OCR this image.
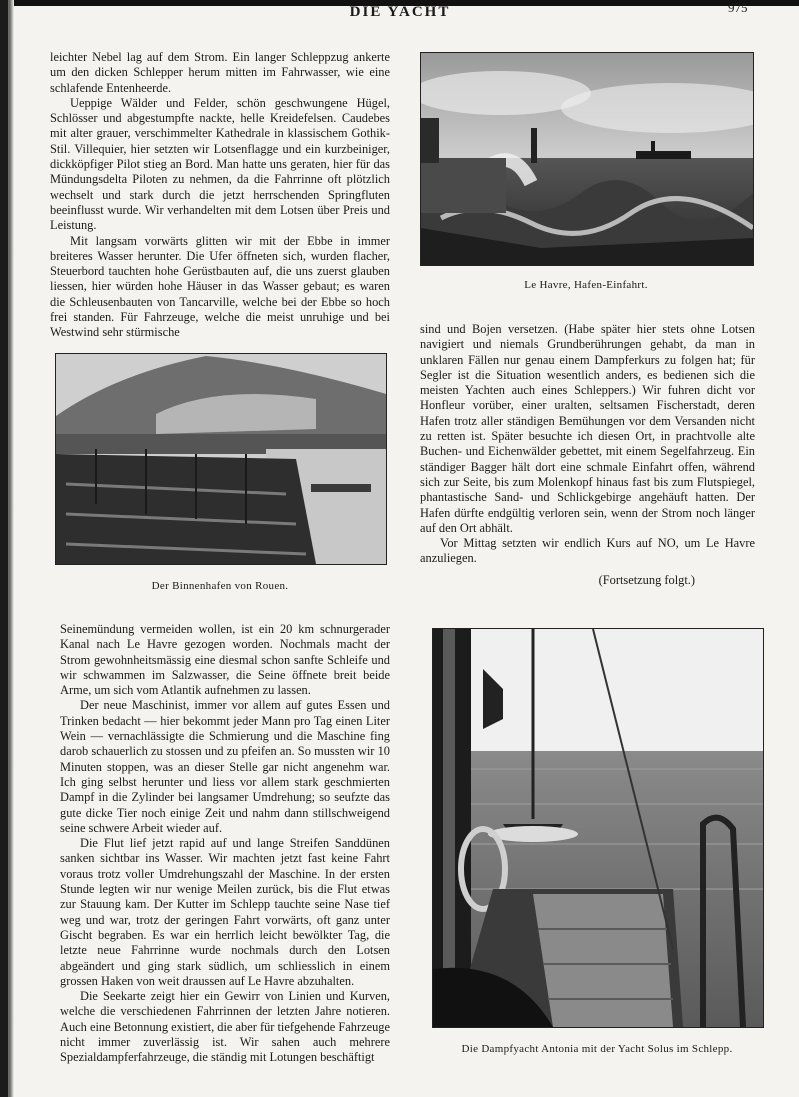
DIE YACHT	975

leichter Nebel lag auf dem Strom. Ein langer Schleppzug ankerte um den dicken Schlepper herum mitten im Fahrwasser, wie eine schlafende Entenheerde.

Ueppige Wälder und Felder, schön geschwungene Hügel, Schlösser und abgestumpfte nackte, helle Kreidefelsen. Caudebes mit alter grauer, verschimmelter Kathedrale in klassischem Gothik-Stil. Villequier, hier setzten wir Lotsenflagge und ein kurzbeiniger, dickköpfiger Pilot stieg an Bord. Man hatte uns geraten, hier für das Mündungsdelta Piloten zu nehmen, da die Fahrrinne oft plötzlich wechselt und stark durch die jetzt herrschenden Springfluten beeinflusst wurde. Wir verhandelten mit dem Lotsen über Preis und Leistung.

Mit langsam vorwärts glitten wir mit der Ebbe in immer breiteres Wasser herunter. Die Ufer öffneten sich, wurden flacher, Steuerbord tauchten hohe Gerüstbauten auf, die uns zuerst glauben liessen, hier würden hohe Häuser in das Wasser gebaut; es waren die Schleusenbauten von Tancarville, welche bei der Ebbe so hoch frei standen. Für Fahrzeuge, welche die meist unruhige und bei Westwind sehr stürmische

Le Havre, Hafen-Einfahrt.

sind und Bojen versetzen. (Habe später hier stets ohne Lotsen navigiert und niemals Grundberührungen gehabt, da man in unklaren Fällen nur genau einem Dampferkurs zu folgen hat; für Segler ist die Situation wesentlich anders, es bedienen sich die meisten Yachten auch eines Schleppers.) Wir fuhren dicht vor Honfleur vorüber, einer uralten, seltsamen Fischerstadt, deren Hafen trotz aller ständigen Bemühungen vor dem Versanden nicht zu retten ist. Später besuchte ich diesen Ort, in prachtvolle alte Buchen- und Eichenwälder gebettet, mit einem Segelfahrzeug. Ein ständiger Bagger hält dort eine schmale Einfahrt offen, während sich zur Seite, bis zum Molenkopf hinaus fast bis zum Flutspiegel, phantastische Sand- und Schlickgebirge angehäuft hatten. Der Hafen dürfte endgültig verloren sein, wenn der Strom noch länger auf den Ort abhält.

Vor Mittag setzten wir endlich Kurs auf NO, um Le Havre anzuliegen.

(Fortsetzung folgt.)

Der Binnenhafen von Rouen.

Seinemündung vermeiden wollen, ist ein 20 km schnurgerader Kanal nach Le Havre gezogen worden. Nochmals macht der Strom gewohnheitsmässig eine diesmal schon sanfte Schleife und wir schwammen im Salzwasser, die Seine öffnete breit beide Arme, um sich vom Atlantik aufnehmen zu lassen.

Der neue Maschinist, immer vor allem auf gutes Essen und Trinken bedacht — hier bekommt jeder Mann pro Tag einen Liter Wein — vernachlässigte die Schmierung und die Maschine fing darob schauerlich zu stossen und zu pfeifen an. So mussten wir 10 Minuten stoppen, was an dieser Stelle gar nicht angenehm war. Ich ging selbst herunter und liess vor allem stark geschmierten Dampf in die Zylinder bei langsamer Umdrehung; so seufzte das gute dicke Tier noch einige Zeit und nahm dann stillschweigend seine schwere Arbeit wieder auf.

Die Flut lief jetzt rapid auf und lange Streifen Sanddünen sanken sichtbar ins Wasser. Wir machten jetzt fast keine Fahrt voraus trotz voller Umdrehungszahl der Maschine. In der ersten Stunde legten wir nur wenige Meilen zurück, bis die Flut etwas zur Stauung kam. Der Kutter im Schlepp tauchte seine Nase tief weg und war, trotz der geringen Fahrt vorwärts, oft ganz unter Gischt begraben. Es war ein herrlich leicht bewölkter Tag, die letzte neue Fahrrinne wurde nochmals durch den Lotsen abgeändert und ging stark südlich, um schliesslich in einem grossen Haken von weit draussen auf Le Havre abzuhalten.

Die Seekarte zeigt hier ein Gewirr von Linien und Kurven, welche die verschiedenen Fahrrinnen der letzten Jahre notieren. Auch eine Betonnung existiert, die aber für tiefgehende Fahrzeuge nicht immer zuverlässig ist. Wir sahen auch mehrere Spezialdampferfahrzeuge, die ständig mit Lotungen beschäftigt

Die Dampfyacht Antonia mit der Yacht Solus im Schlepp.
